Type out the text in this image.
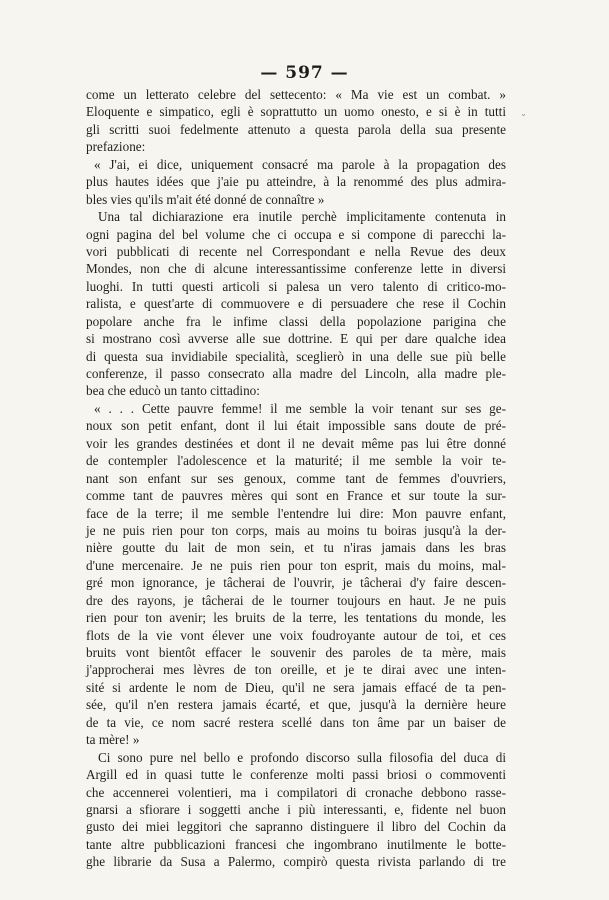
— 597 —
˘
come un letterato celebre del settecento: « Ma vie est un combat. »
Eloquente e simpatico, egli è soprattutto un uomo onesto, e si è in tutti
gli scritti suoi fedelmente attenuto a questa parola della sua presente
prefazione:
« J'ai, ei dice, uniquement consacré ma parole à la propagation des
plus hautes idées que j'aie pu atteindre, à la renommé des plus admira-
bles vies qu'ils m'ait été donné de connaître »
Una tal dichiarazione era inutile perchè implicitamente contenuta in
ogni pagina del bel volume che ci occupa e si compone di parecchi la-
vori pubblicati di recente nel Correspondant e nella Revue des deux
Mondes, non che di alcune interessantissime conferenze lette in diversi
luoghi. In tutti questi articoli si palesa un vero talento di critico-mo-
ralista, e quest'arte di commuovere e di persuadere che rese il Cochin
popolare anche fra le infime classi della popolazione parigina che
si mostrano così avverse alle sue dottrine. E qui per dare qualche idea
di questa sua invidiabile specialità, sceglierò in una delle sue più belle
conferenze, il passo consecrato alla madre del Lincoln, alla madre ple-
bea che educò un tanto cittadino:
« . . . Cette pauvre femme! il me semble la voir tenant sur ses ge-
noux son petit enfant, dont il lui était impossible sans doute de pré-
voir les grandes destinées et dont il ne devait même pas lui être donné
de contempler l'adolescence et la maturité; il me semble la voir te-
nant son enfant sur ses genoux, comme tant de femmes d'ouvriers,
comme tant de pauvres mères qui sont en France et sur toute la sur-
face de la terre; il me semble l'entendre lui dire: Mon pauvre enfant,
je ne puis rien pour ton corps, mais au moins tu boiras jusqu'à la der-
nière goutte du lait de mon sein, et tu n'iras jamais dans les bras
d'une mercenaire. Je ne puis rien pour ton esprit, mais du moins, mal-
gré mon ignorance, je tâcherai de l'ouvrir, je tâcherai d'y faire descen-
dre des rayons, je tâcherai de le tourner toujours en haut. Je ne puis
rien pour ton avenir; les bruits de la terre, les tentations du monde, les
flots de la vie vont élever une voix foudroyante autour de toi, et ces
bruits vont bientôt effacer le souvenir des paroles de ta mère, mais
j'approcherai mes lèvres de ton oreille, et je te dirai avec une inten-
sité si ardente le nom de Dieu, qu'il ne sera jamais effacé de ta pen-
sée, qu'il n'en restera jamais écarté, et que, jusqu'à la dernière heure
de ta vie, ce nom sacré restera scellé dans ton âme par un baiser de
ta mère! »
Ci sono pure nel bello e profondo discorso sulla filosofia del duca di
Argill ed in quasi tutte le conferenze molti passi briosi o commoventi
che accennerei volentieri, ma i compilatori di cronache debbono rasse-
gnarsi a sfiorare i soggetti anche i più interessanti, e, fidente nel buon
gusto dei miei leggitori che sapranno distinguere il libro del Cochin da
tante altre pubblicazioni francesi che ingombrano inutilmente le botte-
ghe librarie da Susa a Palermo, compirò questa rivista parlando di tre
